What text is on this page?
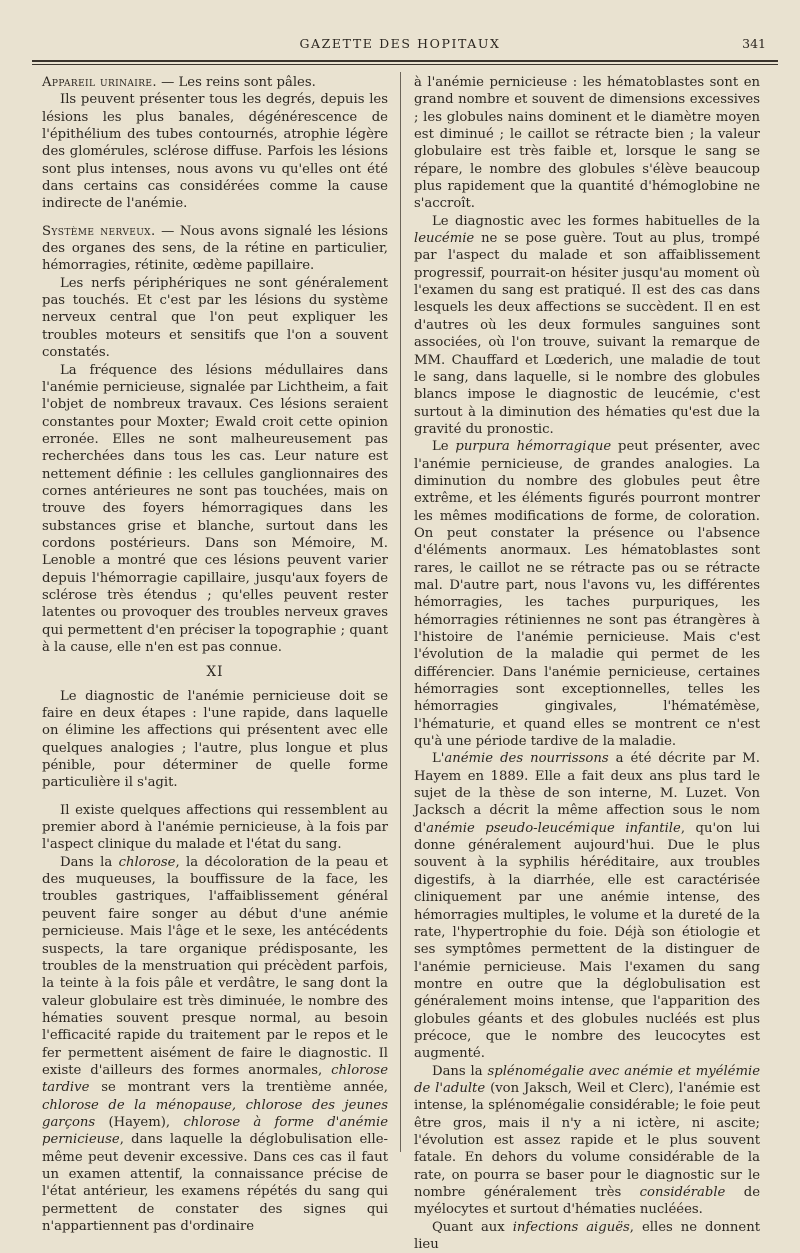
GAZETTE DES HOPITAUX	341

Appareil urinaire. — Les reins sont pâles.

Ils peuvent présenter tous les degrés, depuis les lésions les plus banales, dégénérescence de l'épithélium des tubes contournés, atrophie légère des glomérules, sclérose diffuse. Parfois les lésions sont plus intenses, nous avons vu qu'elles ont été dans certains cas considérées comme la cause indirecte de l'anémie.

Système nerveux. — Nous avons signalé les lésions des organes des sens, de la rétine en particulier, hémorragies, rétinite, œdème papillaire.

Les nerfs périphériques ne sont généralement pas touchés. Et c'est par les lésions du système nerveux central que l'on peut expliquer les troubles moteurs et sensitifs que l'on a souvent constatés.

La fréquence des lésions médullaires dans l'anémie pernicieuse, signalée par Lichtheim, a fait l'objet de nombreux travaux. Ces lésions seraient constantes pour Moxter; Ewald croit cette opinion erronée. Elles ne sont malheureusement pas recherchées dans tous les cas. Leur nature est nettement définie : les cellules ganglionnaires des cornes antérieures ne sont pas touchées, mais on trouve des foyers hémorragiques dans les substances grise et blanche, surtout dans les cordons postérieurs. Dans son Mémoire, M. Lenoble a montré que ces lésions peuvent varier depuis l'hémorragie capillaire, jusqu'aux foyers de sclérose très étendus ; qu'elles peuvent rester latentes ou provoquer des troubles nerveux graves qui permettent d'en préciser la topographie ; quant à la cause, elle n'en est pas connue.

XI

Le diagnostic de l'anémie pernicieuse doit se faire en deux étapes : l'une rapide, dans laquelle on élimine les affections qui présentent avec elle quelques analogies ; l'autre, plus longue et plus pénible, pour déterminer de quelle forme particulière il s'agit.

Il existe quelques affections qui ressemblent au premier abord à l'anémie pernicieuse, à la fois par l'aspect clinique du malade et l'état du sang.

Dans la chlorose, la décoloration de la peau et des muqueuses, la bouffissure de la face, les troubles gastriques, l'affaiblissement général peuvent faire songer au début d'une anémie pernicieuse. Mais l'âge et le sexe, les antécédents suspects, la tare organique prédisposante, les troubles de la menstruation qui précèdent parfois, la teinte à la fois pâle et verdâtre, le sang dont la valeur globulaire est très diminuée, le nombre des hématies souvent presque normal, au besoin l'efficacité rapide du traitement par le repos et le fer permettent aisément de faire le diagnostic. Il existe d'ailleurs des formes anormales, chlorose tardive se montrant vers la trentième année, chlorose de la ménopause, chlorose des jeunes garçons (Hayem), chlorose à forme d'anémie pernicieuse, dans laquelle la déglobulisation elle-même peut devenir excessive. Dans ces cas il faut un examen attentif, la connaissance précise de l'état antérieur, les examens répétés du sang qui permettent de constater des signes qui n'appartiennent pas d'ordinaire

à l'anémie pernicieuse : les hématoblastes sont en grand nombre et souvent de dimensions excessives ; les globules nains dominent et le diamètre moyen est diminué ; le caillot se rétracte bien ; la valeur globulaire est très faible et, lorsque le sang se répare, le nombre des globules s'élève beaucoup plus rapidement que la quantité d'hémoglobine ne s'accroît.

Le diagnostic avec les formes habituelles de la leucémie ne se pose guère. Tout au plus, trompé par l'aspect du malade et son affaiblissement progressif, pourrait-on hésiter jusqu'au moment où l'examen du sang est pratiqué. Il est des cas dans lesquels les deux affections se succèdent. Il en est d'autres où les deux formules sanguines sont associées, où l'on trouve, suivant la remarque de MM. Chauffard et Lœderich, une maladie de tout le sang, dans laquelle, si le nombre des globules blancs impose le diagnostic de leucémie, c'est surtout à la diminution des hématies qu'est due la gravité du pronostic.

Le purpura hémorragique peut présenter, avec l'anémie pernicieuse, de grandes analogies. La diminution du nombre des globules peut être extrême, et les éléments figurés pourront montrer les mêmes modifications de forme, de coloration. On peut constater la présence ou l'absence d'éléments anormaux. Les hématoblastes sont rares, le caillot ne se rétracte pas ou se rétracte mal. D'autre part, nous l'avons vu, les différentes hémorragies, les taches purpuriques, les hémorragies rétiniennes ne sont pas étrangères à l'histoire de l'anémie pernicieuse. Mais c'est l'évolution de la maladie qui permet de les différencier. Dans l'anémie pernicieuse, certaines hémorragies sont exceptionnelles, telles les hémorragies gingivales, l'hématémèse, l'hématurie, et quand elles se montrent ce n'est qu'à une période tardive de la maladie.

L'anémie des nourrissons a été décrite par M. Hayem en 1889. Elle a fait deux ans plus tard le sujet de la thèse de son interne, M. Luzet. Von Jacksch a décrit la même affection sous le nom d'anémie pseudo-leucémique infantile, qu'on lui donne généralement aujourd'hui. Due le plus souvent à la syphilis héréditaire, aux troubles digestifs, à la diarrhée, elle est caractérisée cliniquement par une anémie intense, des hémorragies multiples, le volume et la dureté de la rate, l'hypertrophie du foie. Déjà son étiologie et ses symptômes permettent de la distinguer de l'anémie pernicieuse. Mais l'examen du sang montre en outre que la déglobulisation est généralement moins intense, que l'apparition des globules géants et des globules nucléés est plus précoce, que le nombre des leucocytes est augmenté.

Dans la splénomégalie avec anémie et myélémie de l'adulte (von Jaksch, Weil et Clerc), l'anémie est intense, la splénomégalie considérable; le foie peut être gros, mais il n'y a ni ictère, ni ascite; l'évolution est assez rapide et le plus souvent fatale. En dehors du volume considérable de la rate, on pourra se baser pour le diagnostic sur le nombre généralement très considérable de myélocytes et surtout d'hématies nucléées.

Quant aux infections aiguës, elles ne donnent lieu
